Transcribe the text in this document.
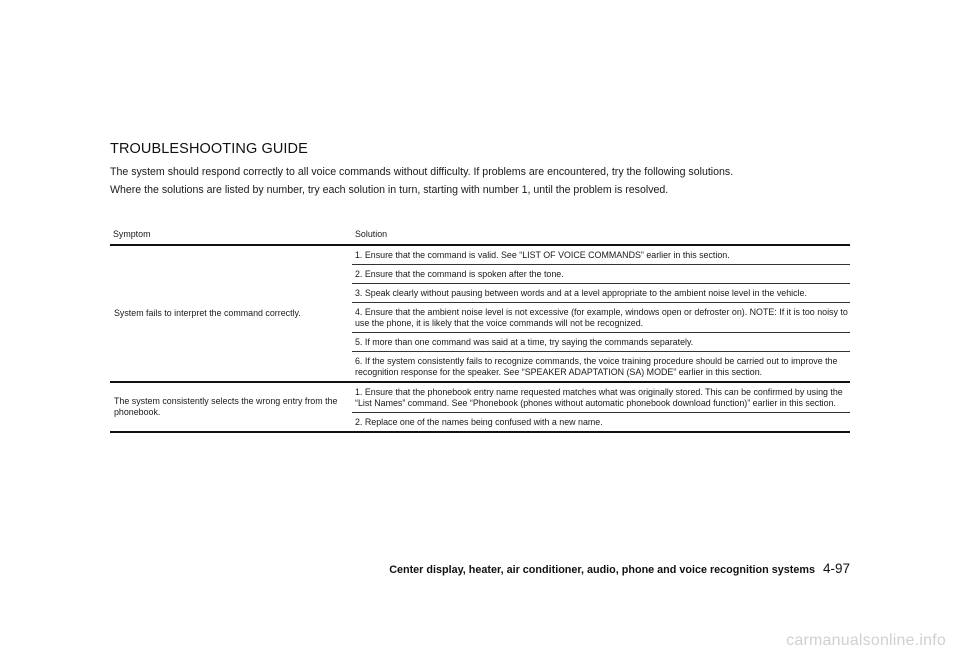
TROUBLESHOOTING GUIDE

The system should respond correctly to all voice commands without difficulty. If problems are encountered, try the following solutions.

Where the solutions are listed by number, try each solution in turn, starting with number 1, until the problem is resolved.

Symptom	Solution
System fails to interpret the command correctly.	1. Ensure that the command is valid. See “LIST OF VOICE COMMANDS” earlier in this section.
	2. Ensure that the command is spoken after the tone.
	3. Speak clearly without pausing between words and at a level appropriate to the ambient noise level in the vehicle.
	4. Ensure that the ambient noise level is not excessive (for example, windows open or defroster on). NOTE: If it is too noisy to use the phone, it is likely that the voice commands will not be recognized.
	5. If more than one command was said at a time, try saying the commands separately.
	6. If the system consistently fails to recognize commands, the voice training procedure should be carried out to improve the recognition response for the speaker. See “SPEAKER ADAPTATION (SA) MODE” earlier in this section.
The system consistently selects the wrong entry from the phonebook.	1. Ensure that the phonebook entry name requested matches what was originally stored. This can be confirmed by using the “List Names” command. See “Phonebook (phones without automatic phonebook download function)” earlier in this section.
	2. Replace one of the names being confused with a new name.
Center display, heater, air conditioner, audio, phone and voice recognition systems 4-97
carmanualsonline.info
